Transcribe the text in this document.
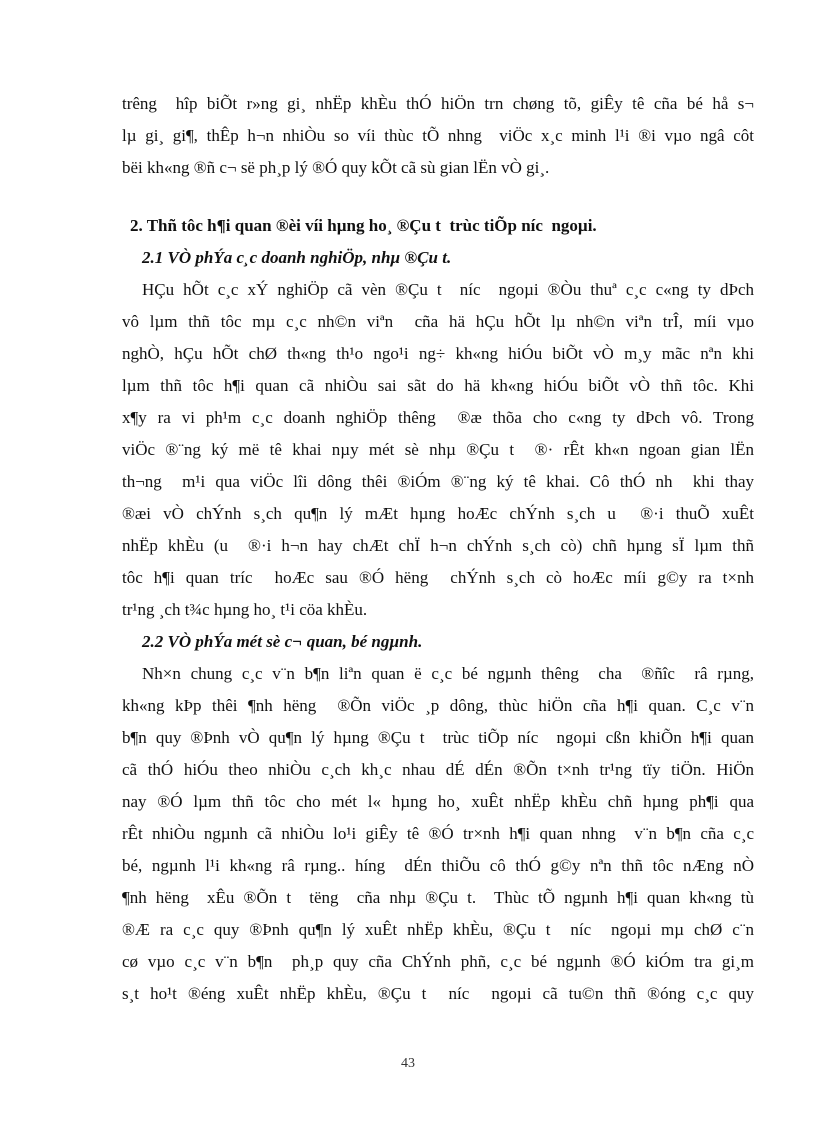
trêng  hîp biÕt r»ng gi¸ nhËp khÈu thÓ hiÖn trn chøng tõ, giÊy tê cña bé hå s¬
lµ gi¸ gi¶, thÊp h¬n nhiÒu so víi thùc tÕ nhng  viÖc x¸c minh l¹i ®i vµo ngâ côt
bëi kh«ng ®ñ c¬ së ph¸p lý ®Ó quy kÕt cã sù gian lËn vÒ gi¸.
2. Thñ tôc h¶i quan ®èi víi hµng ho¸ ®Çu t  trùc tiÕp níc  ngoµi.
2.1 VÒ phÝa c¸c doanh nghiÖp, nhµ ®Çu t.
HÇu hÕt c¸c xÝ nghiÖp cã vèn ®Çu t  níc  ngoµi ®Òu thuª c¸c c«ng ty dÞch
vô lµm thñ tôc mµ c¸c nh©n viªn  cña hä hÇu hÕt lµ nh©n viªn trÎ, míi vµo
nghÒ, hÇu hÕt chØ th«ng th¹o ngo¹i ng÷ kh«ng hiÓu biÕt vÒ m¸y mãc nªn khi
lµm thñ tôc h¶i quan cã nhiÒu sai sãt do hä kh«ng hiÓu biÕt vÒ thñ tôc. Khi
x¶y ra vi ph¹m c¸c doanh nghiÖp thêng  ®æ thõa cho c«ng ty dÞch vô. Trong
viÖc ®¨ng ký më tê khai nµy mét sè nhµ ®Çu t  ®· rÊt kh«n ngoan gian lËn
th¬ng  m¹i qua viÖc lîi dông thêi ®iÓm ®¨ng ký tê khai. Cô thÓ nh  khi thay
®æi vÒ chÝnh s¸ch qu¶n lý mÆt hµng hoÆc chÝnh s¸ch u  ®·i thuÕ xuÊt
nhËp khÈu (u  ®·i h¬n hay chÆt chÏ h¬n chÝnh s¸ch cò) chñ hµng sÏ lµm thñ
tôc h¶i quan tríc  hoÆc sau ®Ó hëng  chÝnh s¸ch cò hoÆc míi g©y ra t×nh
tr¹ng ¸ch t¾c hµng ho¸ t¹i cöa khÈu.
2.2 VÒ phÝa mét sè c¬ quan, bé ngµnh.
Nh×n chung c¸c v¨n b¶n liªn quan ë c¸c bé ngµnh thêng  cha  ®ñîc  râ rµng,
kh«ng kÞp thêi ¶nh hëng  ®Õn viÖc ¸p dông, thùc hiÖn cña h¶i quan. C¸c v¨n
b¶n quy ®Þnh vÒ qu¶n lý hµng ®Çu t  trùc tiÕp níc  ngoµi cßn khiÕn h¶i quan
cã thÓ hiÓu theo nhiÒu c¸ch kh¸c nhau dÉ dÉn ®Õn t×nh tr¹ng tïy tiÖn. HiÖn
nay ®Ó lµm thñ tôc cho mét l« hµng ho¸ xuÊt nhËp khÈu chñ hµng ph¶i qua
rÊt nhiÒu ngµnh cã nhiÒu lo¹i giÊy tê ®Ó tr×nh h¶i quan nhng  v¨n b¶n cña c¸c
bé, ngµnh l¹i kh«ng râ rµng.. híng  dÉn thiÕu cô thÓ g©y nªn thñ tôc nÆng nÒ
¶nh hëng  xÊu ®Õn t  tëng  cña nhµ ®Çu t.  Thùc tÕ ngµnh h¶i quan kh«ng tù
®Æ ra c¸c quy ®Þnh qu¶n lý xuÊt nhËp khÈu, ®Çu t  níc  ngoµi mµ chØ c¨n
cø vµo c¸c v¨n b¶n  ph¸p quy cña ChÝnh phñ, c¸c bé ngµnh ®Ó kiÓm tra gi¸m
s¸t ho¹t ®éng xuÊt nhËp khÈu, ®Çu t  níc  ngoµi cã tu©n thñ ®óng c¸c quy
43
